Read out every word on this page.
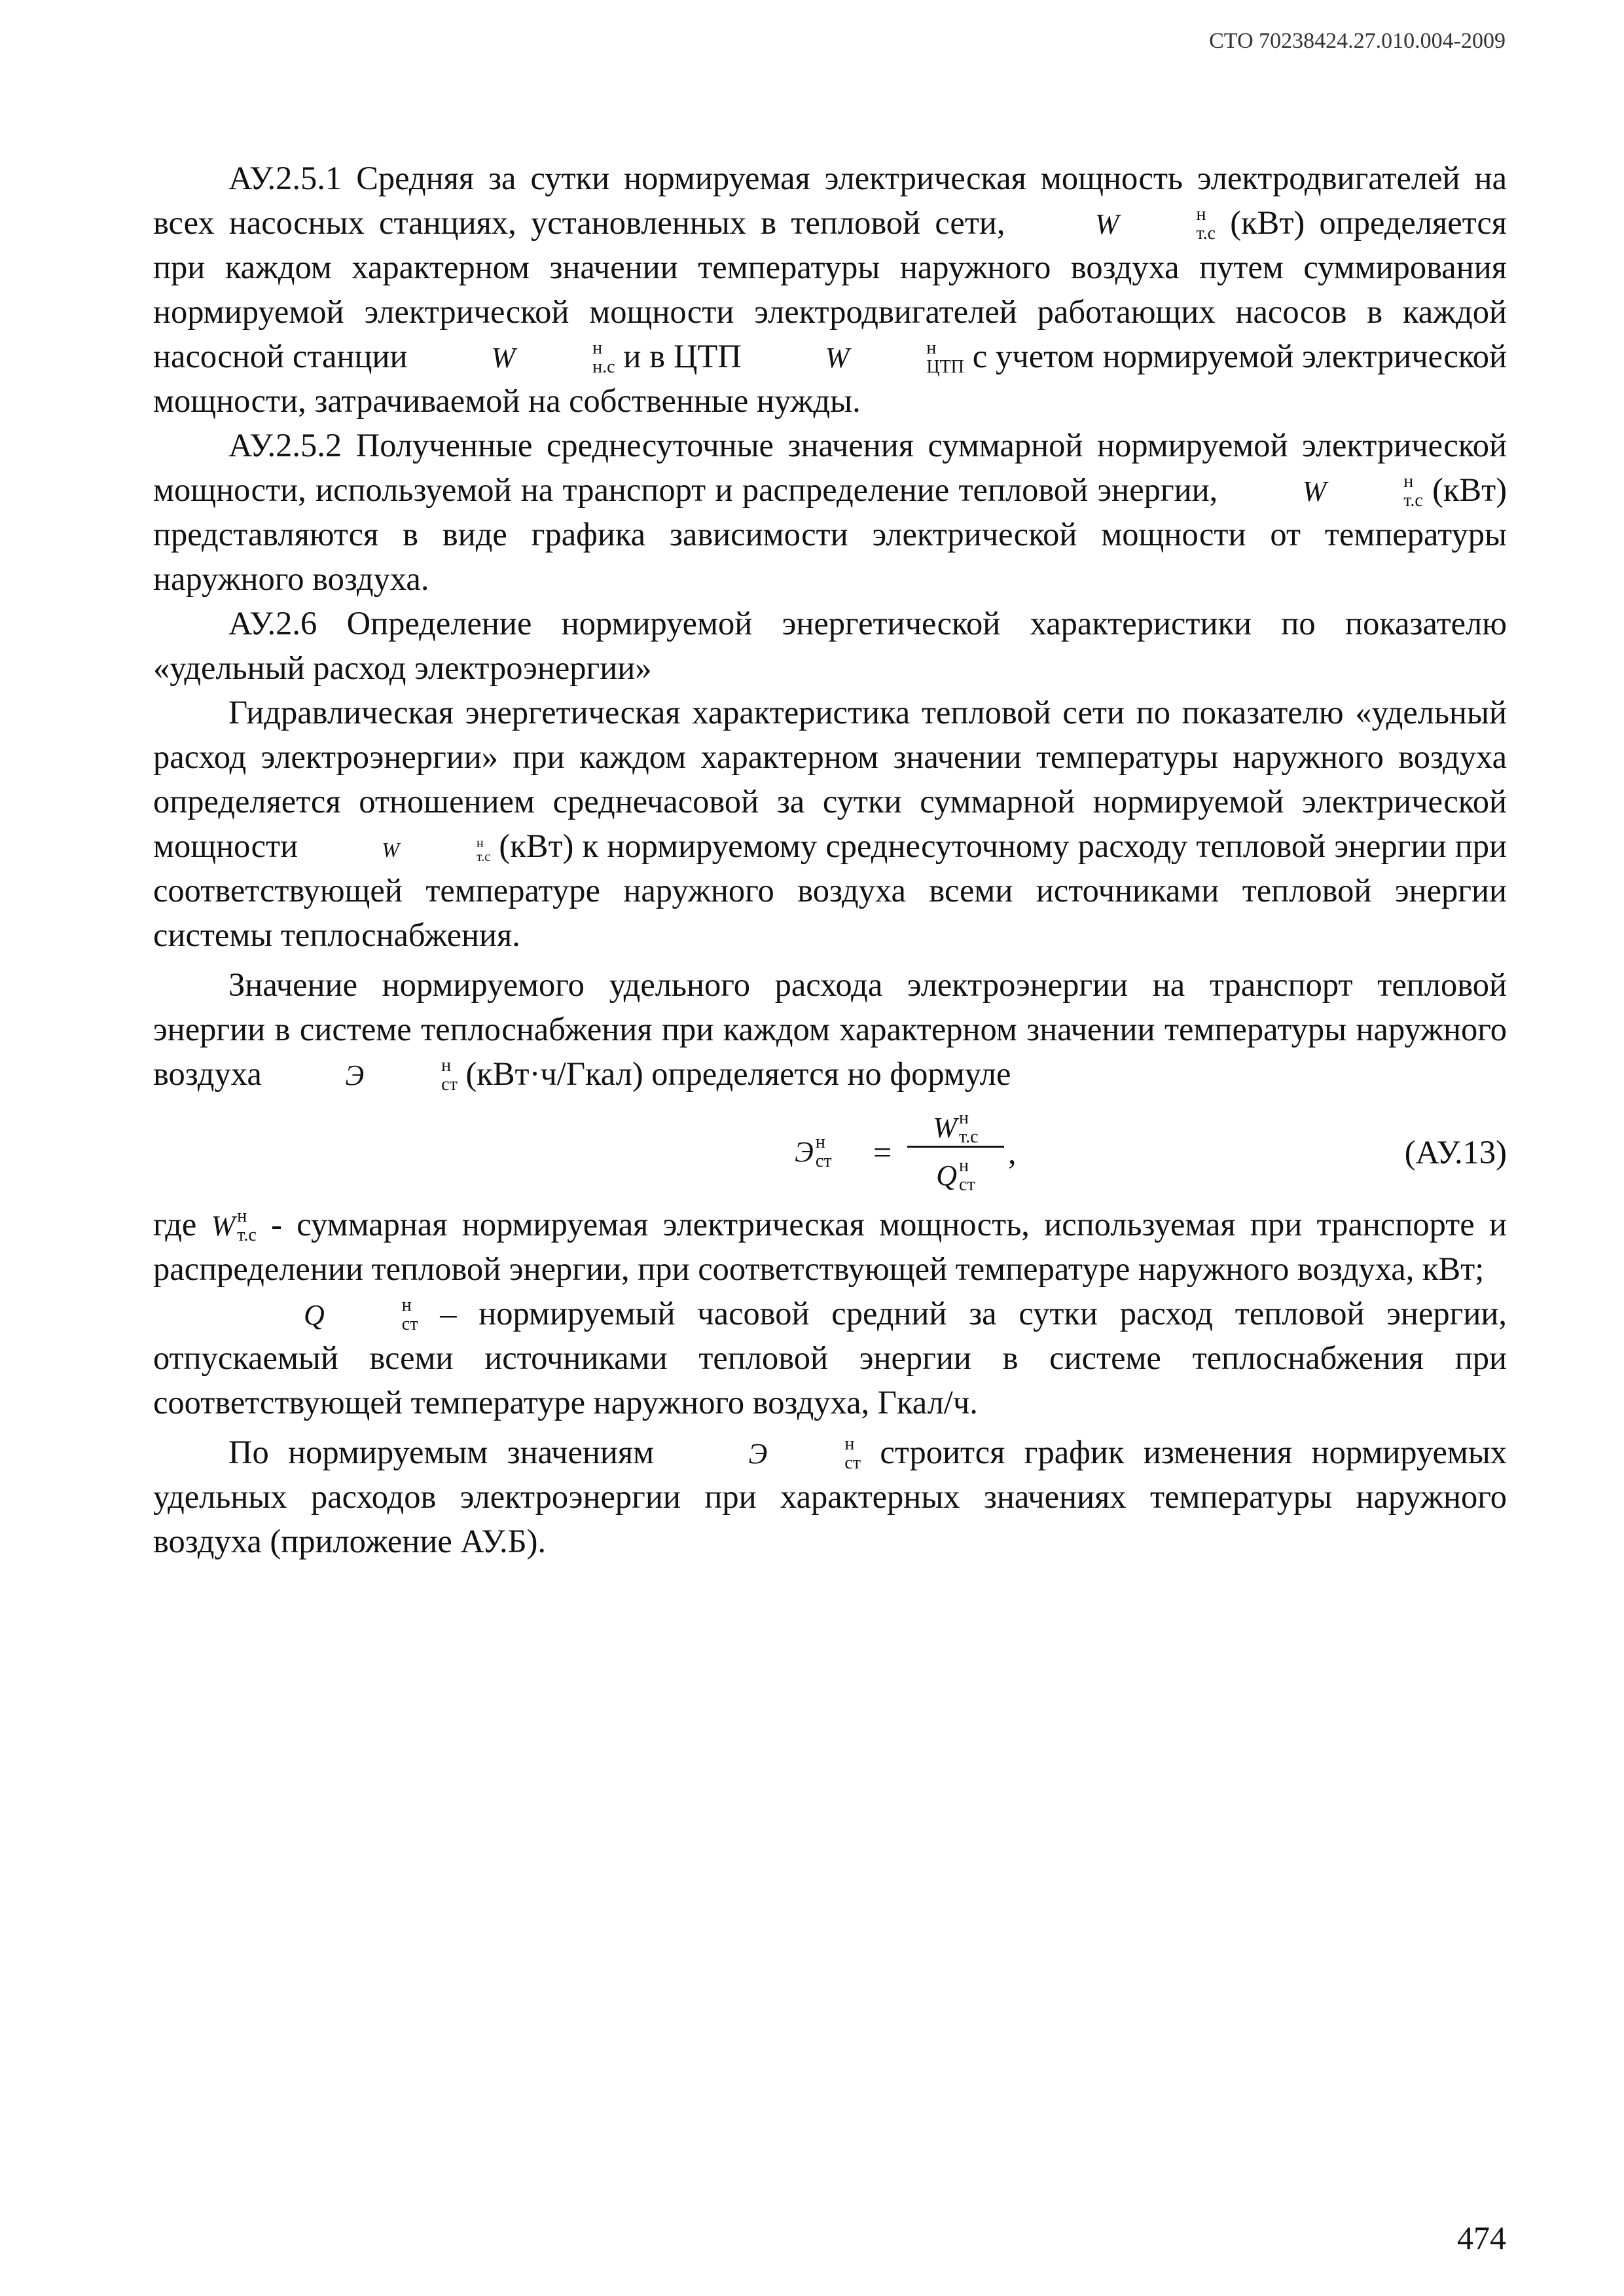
СТО 70238424.27.010.004-2009

АУ.2.5.1 Средняя за сутки нормируемая электрическая мощность электродвигателей на всех насосных станциях, установленных в тепловой сети,	W	н
т.с (кВт) определяется при каждом характерном значении температуры наружного воздуха путем суммирования нормируемой электрической мощности электродвигателей работающих насосов в каждой насосной станции	W	н
н.с и в ЦТП	W	н
ЦТП с учетом нормируемой электрической мощности, затрачиваемой на собственные нужды.

АУ.2.5.2 Полученные среднесуточные значения суммарной нормируемой электрической мощности, используемой на транспорт и распределение тепловой энергии,	W	н
т.с (кВт) представляются в виде графика зависимости электрической мощности от температуры наружного воздуха.

АУ.2.6 Определение нормируемой энергетической характеристики по показателю «удельный расход электроэнергии»

Гидравлическая энергетическая характеристика тепловой сети по показателю «удельный расход электроэнергии» при каждом характерном значении температуры наружного воздуха определяется отношением среднечасовой за сутки суммарной нормируемой электрической мощности	W	н
т.с (кВт) к нормируемому среднесуточному расходу тепловой энергии при соответствующей температуре наружного воздуха всеми источниками тепловой энергии системы теплоснабжения.

Значение нормируемого удельного расхода электроэнергии на транспорт тепловой энергии в системе теплоснабжения при каждом характерном значении температуры наружного воздуха	Э	н
ст (кВт·ч/Гкал) определяется но формуле

Э н
ст =
W н
т.с
Q н
ст
,	(АУ.13)

где W н
т.с - суммарная нормируемая электрическая мощность, используемая при транспорте и распределении тепловой энергии, при соответствующей температуре наружного воздуха, кВт;

Q	н
ст – нормируемый часовой средний за сутки расход тепловой энергии, отпускаемый всеми источниками тепловой энергии в системе теплоснабжения при соответствующей температуре наружного воздуха, Гкал/ч.

По нормируемым значениям	Э	н
ст строится график изменения нормируемых удельных расходов электроэнергии при характерных значениях температуры наружного воздуха (приложение АУ.Б).

474
